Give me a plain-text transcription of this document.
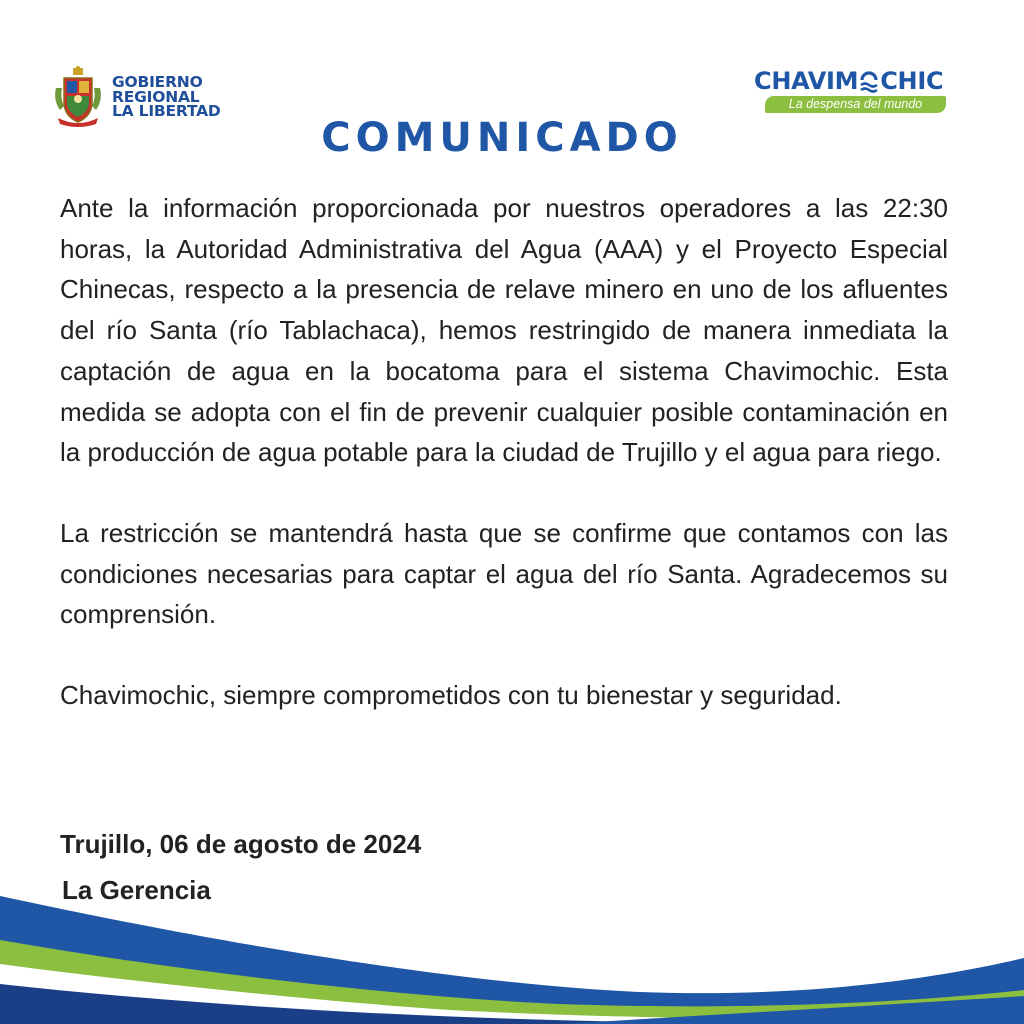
GOBIERNO
REGIONAL
LA LIBERTAD
CHAVIM CHIC
La despensa del mundo
COMUNICADO

Ante la información proporcionada por nuestros operadores a las 22:30 horas, la Autoridad Administrativa del Agua (AAA) y el Proyecto Especial Chinecas, respecto a la presencia de relave minero en uno de los afluentes del río Santa (río Tablachaca), hemos restringido de manera inmediata la captación de agua en la bocatoma para el sistema Chavimochic. Esta medida se adopta con el fin de prevenir cualquier posible contaminación en la producción de agua potable para la ciudad de Trujillo y el agua para riego.

La restricción se mantendrá hasta que se confirme que contamos con las condiciones necesarias para captar el agua del río Santa. Agradecemos su comprensión.

Chavimochic, siempre comprometidos con tu bienestar y seguridad.

Trujillo, 06 de agosto de 2024
La Gerencia
